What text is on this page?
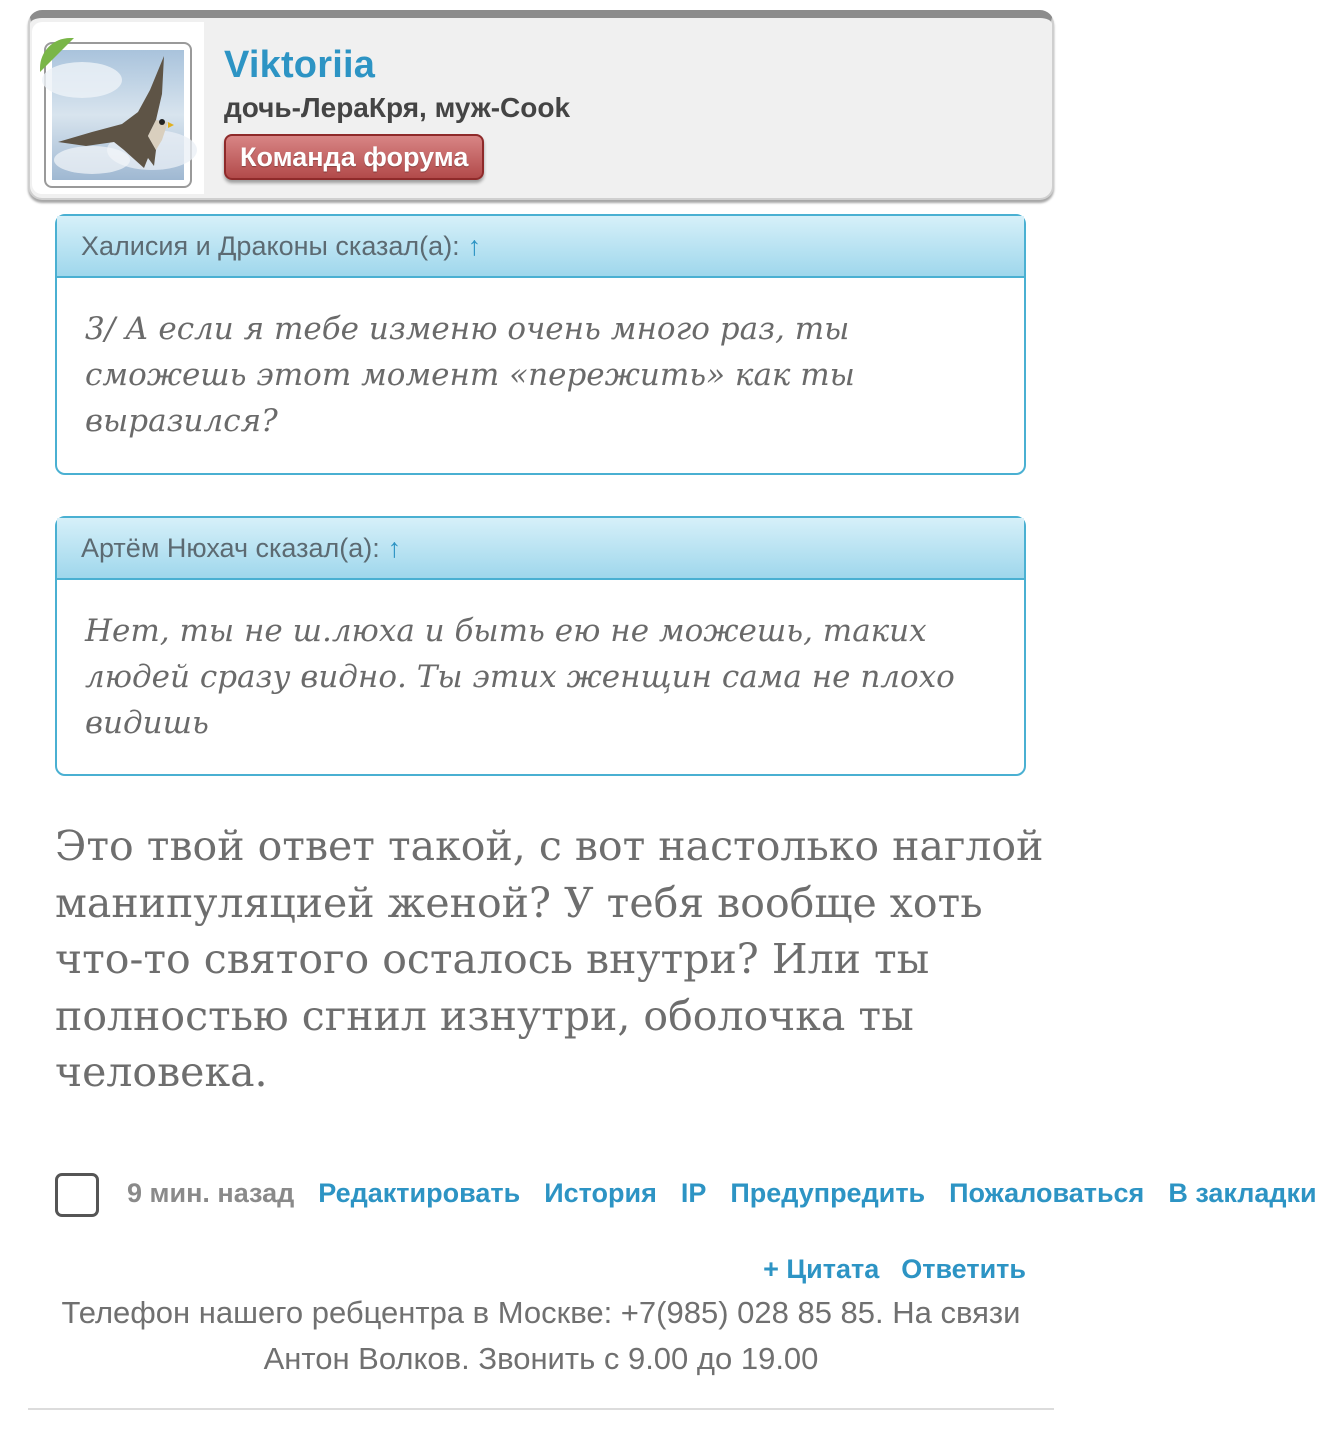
Viktoriia
дочь-ЛераКря, муж-Cook
Команда форума
Халисия и Драконы сказал(а): ↑
3/ А если я тебе изменю очень много раз, ты сможешь этот момент «пережить» как ты выразился?
Артём Нюхач сказал(а): ↑
Нет, ты не ш.люха и быть ею не можешь, таких людей сразу видно. Ты этих женщин сама не плохо видишь
Это твой ответ такой, с вот настолько наглой манипуляцией женой? У тебя вообще хоть что-то святого осталось внутри? Или ты полностью сгнил изнутри, оболочка ты человека.
9 мин. назад Редактировать История IP Предупредить Пожаловаться В закладки
+ Цитата Ответить
Телефон нашего ребцентра в Москве: +7(985) 028 85 85. На связи Антон Волков. Звонить с 9.00 до 19.00
